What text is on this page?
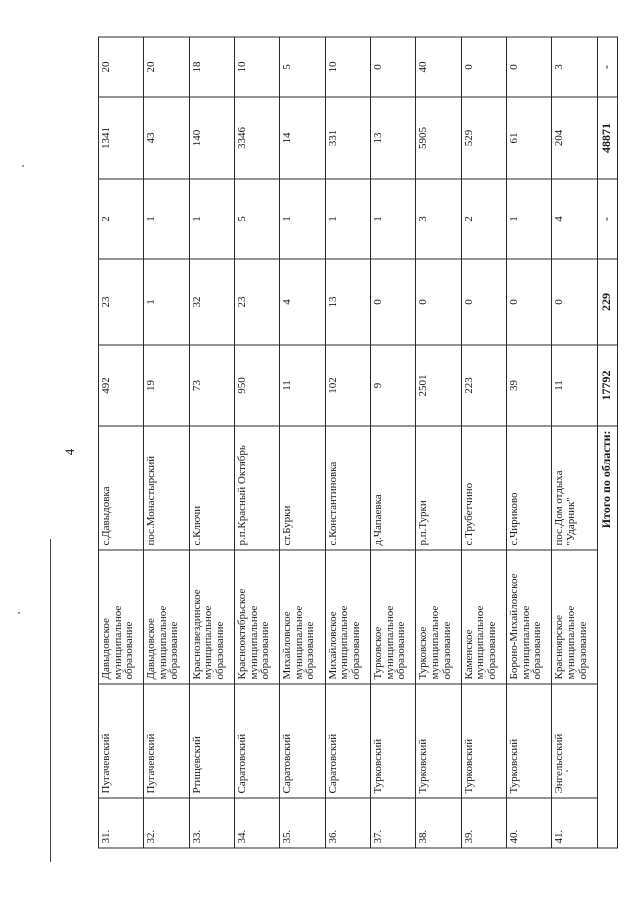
4
31.	Пугачевский	Давыдовское муниципальное образование	с.Давыдовка	492	23	2	1341	20
32.	Пугачевский	Давыдовское муниципальное образование	пос.Монастырский	19	1	1	43	20
33.	Ртищевский	Краснозвездинское муниципальное образование	с.Ключи	73	32	1	140	18
34.	Саратовский	Краснооктябрьское муниципальное образование	р.п.Красный Октябрь	950	23	5	3346	10
35.	Саратовский	Михайловское муниципальное образование	ст.Бурки	11	4	1	14	5
36.	Саратовский	Михайловское муниципальное образование	с.Константиновка	102	13	1	331	10
37.	Турковский	Турковское муниципальное образование	д.Чапаевка	9	0	1	13	0
38.	Турковский	Турковское муниципальное образование	р.п.Турки	2501	0	3	5905	40
39.	Турковский	Каменское муниципальное образование	с.Трубетчино	223	0	2	529	0
40.	Турковский	Бороно-Михайловское муниципальное образование	с.Чириково	39	0	1	61	0
41.	Энгельсский	Красноярское муниципальное образование	пос.Дом отдыха "Ударник"	11	0	4	204	3
Итого по области:				17792	229	-	48871	-
